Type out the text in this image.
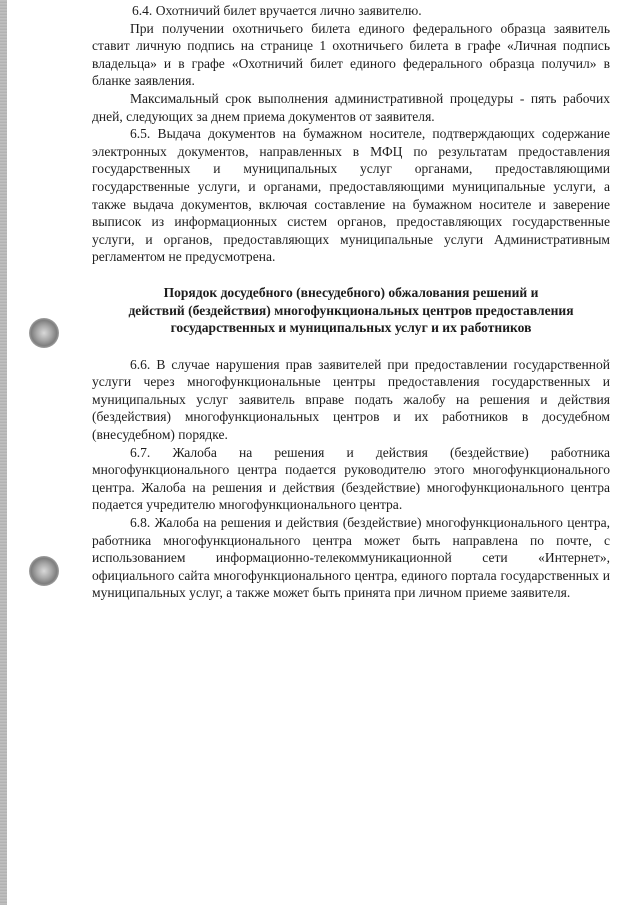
6.4. Охотничий билет вручается лично заявителю.

При получении охотничьего билета единого федерального образца заявитель ставит личную подпись на странице 1 охотничьего билета в графе «Личная подпись владельца» и в графе «Охотничий билет единого федерального образца получил» в бланке заявления.

Максимальный срок выполнения административной процедуры - пять рабочих дней, следующих за днем приема документов от заявителя.

6.5. Выдача документов на бумажном носителе, подтверждающих содержание электронных документов, направленных в МФЦ по результатам предоставления государственных и муниципальных услуг органами, предоставляющими государственные услуги, и органами, предоставляющими муниципальные услуги, а также выдача документов, включая составление на бумажном носителе и заверение выписок из информационных систем органов, предоставляющих государственные услуги, и органов, предоставляющих муниципальные услуги Административным регламентом не предусмотрена.

Порядок досудебного (внесудебного) обжалования решений и
действий (бездействия) многофункциональных центров предоставления
государственных и муниципальных услуг и их работников

6.6. В случае нарушения прав заявителей при предоставлении государственной услуги через многофункциональные центры предоставления государственных и муниципальных услуг заявитель вправе подать жалобу на решения и действия (бездействия) многофункциональных центров и их работников в досудебном (внесудебном) порядке.

6.7. Жалоба на решения и действия (бездействие) работника многофункционального центра подается руководителю этого многофункционального центра. Жалоба на решения и действия (бездействие) многофункционального центра подается учредителю многофункционального центра.

6.8. Жалоба на решения и действия (бездействие) многофункционального центра, работника многофункционального центра может быть направлена по почте, с использованием информационно-телекоммуникационной сети «Интернет», официального сайта многофункционального центра, единого портала государственных и муниципальных услуг, а также может быть принята при личном приеме заявителя.
